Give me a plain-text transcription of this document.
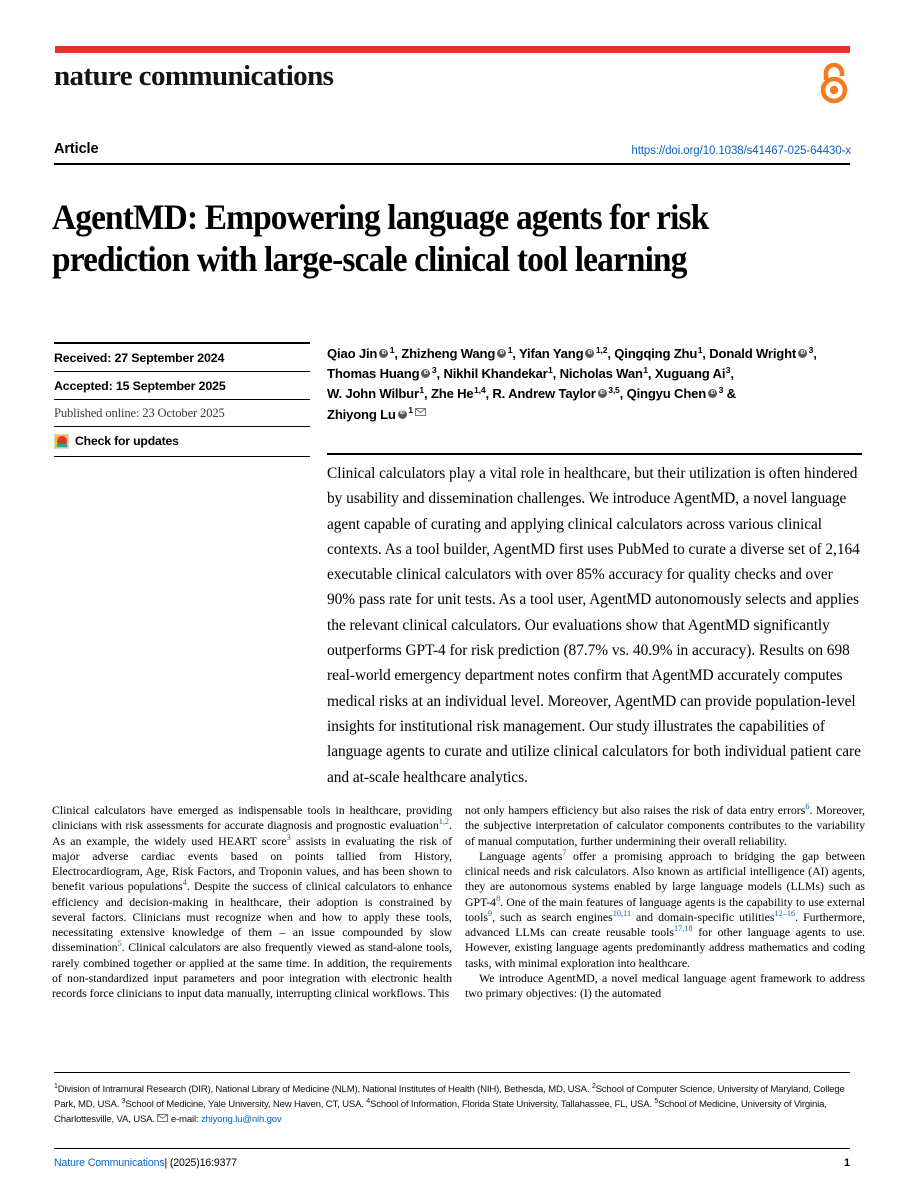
nature communications
Article	https://doi.org/10.1038/s41467-025-64430-x
AgentMD: Empowering language agents for risk prediction with large-scale clinical tool learning
Received: 27 September 2024
Accepted: 15 September 2025
Published online: 23 October 2025
Check for updates
Qiao Jin iD $^1$, Zhizheng Wang iD $^1$, Yifan Yang iD $^{1,2}$, Qingqing Zhu$^1$, Donald Wright iD $^3$,
Thomas Huang iD $^3$, Nikhil Khandekar$^1$, Nicholas Wan$^1$, Xuguang Ai$^3$,
W. John Wilbur$^1$, Zhe He$^{1,4}$, R. Andrew Taylor iD $^{3,5}$, Qingyu Chen iD $^3$ &
Zhiyong Lu iD $^1$
Clinical calculators play a vital role in healthcare, but their utilization is often hindered by usability and dissemination challenges. We introduce AgentMD, a novel language agent capable of curating and applying clinical calculators across various clinical contexts. As a tool builder, AgentMD first uses PubMed to curate a diverse set of 2,164 executable clinical calculators with over 85% accuracy for quality checks and over 90% pass rate for unit tests. As a tool user, AgentMD autonomously selects and applies the relevant clinical calculators. Our evaluations show that AgentMD significantly outperforms GPT-4 for risk prediction (87.7% vs. 40.9% in accuracy). Results on 698 real-world emergency department notes confirm that AgentMD accurately computes medical risks at an individual level. Moreover, AgentMD can provide population-level insights for institutional risk management. Our study illustrates the capabilities of language agents to curate and utilize clinical calculators for both individual patient care and at-scale healthcare analytics.

Clinical calculators have emerged as indispensable tools in healthcare, providing clinicians with risk assessments for accurate diagnosis and prognostic evaluation$^{1,2}$. As an example, the widely used HEART score$^3$ assists in evaluating the risk of major adverse cardiac events based on points tallied from History, Electrocardiogram, Age, Risk Factors, and Troponin values, and has been shown to benefit various populations$^4$. Despite the success of clinical calculators to enhance efficiency and decision-making in healthcare, their adoption is constrained by several factors. Clinicians must recognize when and how to apply these tools, necessitating extensive knowledge of them – an issue compounded by slow dissemination$^5$. Clinical calculators are also frequently viewed as stand-alone tools, rarely combined together or applied at the same time. In addition, the requirements of non-standardized input parameters and poor integration with electronic health records force clinicians to input data manually, interrupting clinical workflows. This

not only hampers efficiency but also raises the risk of data entry errors$^6$. Moreover, the subjective interpretation of calculator components contributes to the variability of manual computation, further undermining their overall reliability.

Language agents$^7$ offer a promising approach to bridging the gap between clinical needs and risk calculators. Also known as artificial intelligence (AI) agents, they are autonomous systems enabled by large language models (LLMs) such as GPT-4$^8$. One of the main features of language agents is the capability to use external tools$^9$, such as search engines$^{10,11}$ and domain-specific utilities$^{12-16}$. Furthermore, advanced LLMs can create reusable tools$^{17,18}$ for other language agents to use. However, existing language agents predominantly address mathematics and coding tasks, with minimal exploration into healthcare.

We introduce AgentMD, a novel medical language agent framework to address two primary objectives: (I) the automated

$^1$Division of Intramural Research (DIR), National Library of Medicine (NLM), National Institutes of Health (NIH), Bethesda, MD, USA. $^2$School of Computer Science, University of Maryland, College Park, MD, USA. $^3$School of Medicine, Yale University, New Haven, CT, USA. $^4$School of Information, Florida State University, Tallahassee, FL, USA. $^5$School of Medicine, University of Virginia, Charlottesville, VA, USA.  e-mail: zhiyong.lu@nih.gov
Nature Communications| (2025)16:9377	1
